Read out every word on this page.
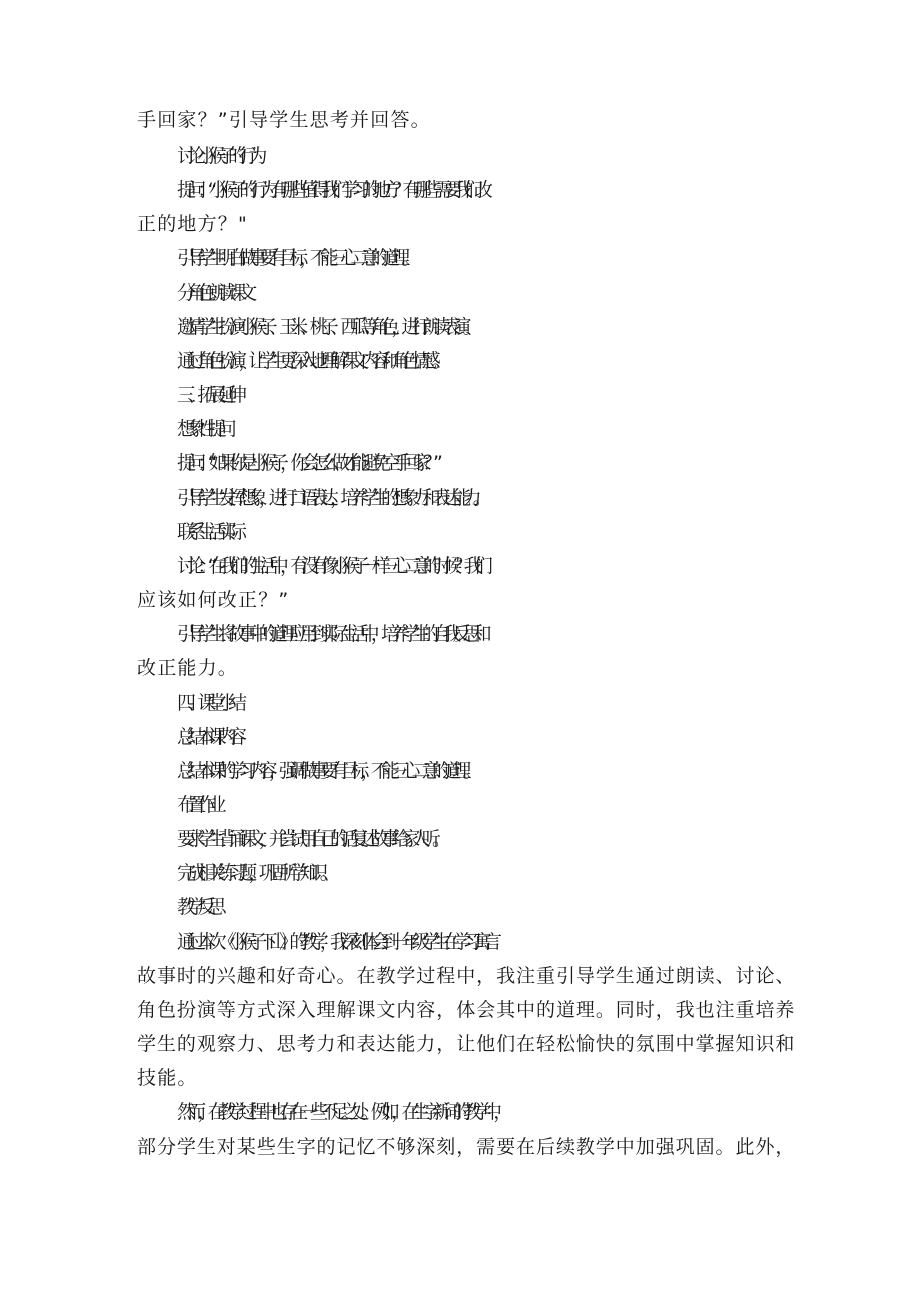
手回家？”引导学生思考并回答。
讨论小猴子的行为
提问：“小猴子的行为有哪些值得我们学习的地方？有哪些需要我们改
正的地方？"
引导学生明白做事要有目标，不能三心二意的道理。
分角色朗读课文
邀请学生扮演小猴子、玉米、桃子、西瓜等角色，进行朗读表演。
通过角色扮演，让学生更深入地理解课文内容和角色情感。
三、拓展延伸
想象性提问
提问：“如果你是小猴子，你会怎么做才能避免空手回家？”
引导学生发挥想象，进行口语表达，培养学生的想象力和表达能力。
联系生活实际
讨论：“在我们的生活中，有没有像小猴子一样三心二意的时候？我们
应该如何改正？”
引导学生将故事中的道理应用到实际生活中，培养学生的自我反思和
改正能力。
四、课堂小结
总结本课内容
总结本课的学习内容，强调做事要有目标，不能三心二意的道理。
布置作业
要求学生背诵课文，并尝试用自己的话复述故事给家人听。
完成相关练习题，巩固所学知识。
教学反思
通过本次《小猴子下山》的教学，我深刻体会到一年级学生在学习寓言
故事时的兴趣和好奇心。在教学过程中，我注重引导学生通过朗读、讨论、
角色扮演等方式深入理解课文内容，体会其中的道理。同时，我也注重培养
学生的观察力、思考力和表达能力，让他们在轻松愉快的氛围中掌握知识和
技能。
然而，在教学过程中也存在一些不足之处。例如，在生字新词的教学中，
部分学生对某些生字的记忆不够深刻，需要在后续教学中加强巩固。此外，
